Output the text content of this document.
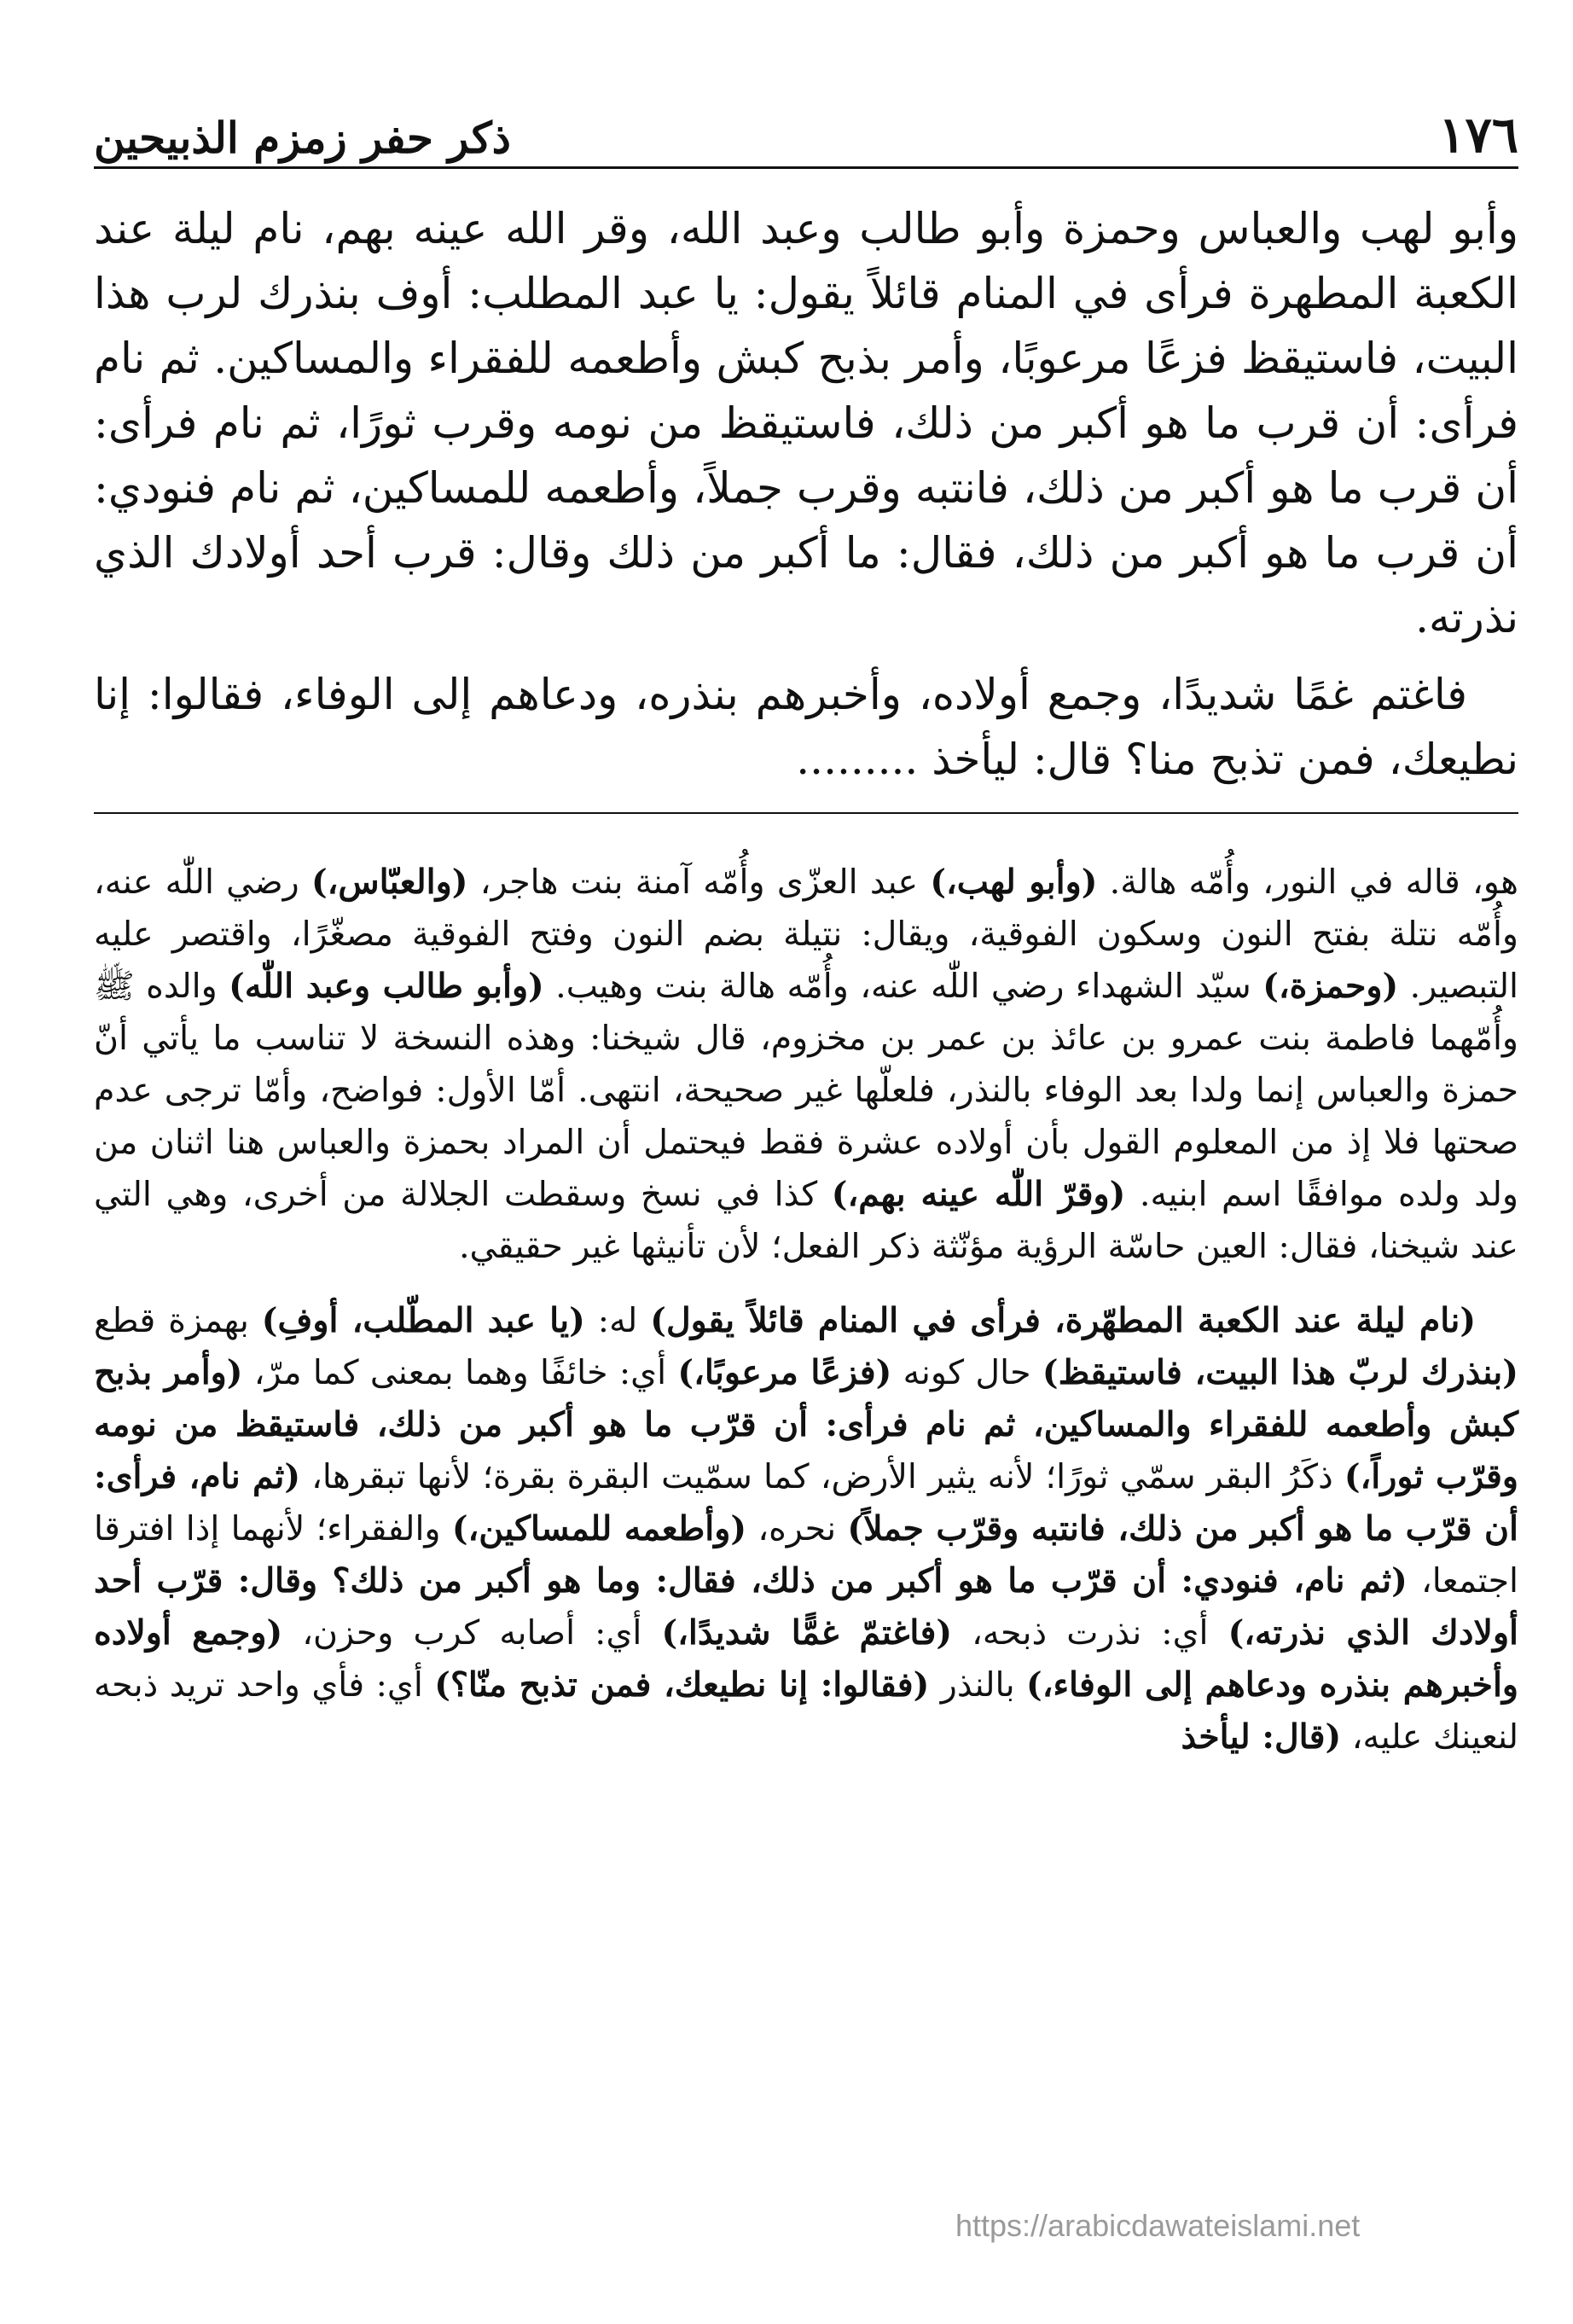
١٧٦
ذكر حفر زمزم الذبيحين

وأبو لهب والعباس وحمزة وأبو طالب وعبد الله، وقر الله عينه بهم، نام ليلة عند الكعبة المطهرة فرأى في المنام قائلاً يقول: يا عبد المطلب: أوف بنذرك لرب هذا البيت، فاستيقظ فزعًا مرعوبًا، وأمر بذبح كبش وأطعمه للفقراء والمساكين. ثم نام فرأى: أن قرب ما هو أكبر من ذلك، فاستيقظ من نومه وقرب ثورًا، ثم نام فرأى: أن قرب ما هو أكبر من ذلك، فانتبه وقرب جملاً، وأطعمه للمساكين، ثم نام فنودي: أن قرب ما هو أكبر من ذلك، فقال: ما أكبر من ذلك وقال: قرب أحد أولادك الذي نذرته.

فاغتم غمًا شديدًا، وجمع أولاده، وأخبرهم بنذره، ودعاهم إلى الوفاء، فقالوا: إنا نطيعك، فمن تذبح منا؟ قال: ليأخذ .........

هو، قاله في النور، وأُمّه هالة. (وأبو لهب،) عبد العزّى وأُمّه آمنة بنت هاجر، (والعبّاس،) رضي اللّٰه عنه، وأُمّه نتلة بفتح النون وسكون الفوقية، ويقال: نتيلة بضم النون وفتح الفوقية مصغّرًا، واقتصر عليه التبصير. (وحمزة،) سيّد الشهداء رضي اللّٰه عنه، وأُمّه هالة بنت وهيب. (وأبو طالب وعبد اللّٰه) والده ﷺ وأُمّهما فاطمة بنت عمرو بن عائذ بن عمر بن مخزوم، قال شيخنا: وهذه النسخة لا تناسب ما يأتي أنّ حمزة والعباس إنما ولدا بعد الوفاء بالنذر، فلعلّها غير صحيحة، انتهى. أمّا الأول: فواضح، وأمّا ترجى عدم صحتها فلا إذ من المعلوم القول بأن أولاده عشرة فقط فيحتمل أن المراد بحمزة والعباس هنا اثنان من ولد ولده موافقًا اسم ابنيه. (وقرّ اللّٰه عينه بهم،) كذا في نسخ وسقطت الجلالة من أخرى، وهي التي عند شيخنا، فقال: العين حاسّة الرؤية مؤنّثة ذكر الفعل؛ لأن تأنيثها غير حقيقي.

(نام ليلة عند الكعبة المطهّرة، فرأى في المنام قائلاً يقول) له: (يا عبد المطّلب، أوفِ) بهمزة قطع (بنذرك لربّ هذا البيت، فاستيقظ) حال كونه (فزعًا مرعوبًا،) أي: خائفًا وهما بمعنى كما مرّ، (وأمر بذبح كبش وأطعمه للفقراء والمساكين، ثم نام فرأى: أن قرّب ما هو أكبر من ذلك، فاستيقظ من نومه وقرّب ثوراً،) ذكَرُ البقر سمّي ثورًا؛ لأنه يثير الأرض، كما سمّيت البقرة بقرة؛ لأنها تبقرها، (ثم نام، فرأى: أن قرّب ما هو أكبر من ذلك، فانتبه وقرّب جملاً) نحره، (وأطعمه للمساكين،) والفقراء؛ لأنهما إذا افترقا اجتمعا، (ثم نام، فنودي: أن قرّب ما هو أكبر من ذلك، فقال: وما هو أكبر من ذلك؟ وقال: قرّب أحد أولادك الذي نذرته،) أي: نذرت ذبحه، (فاغتمّ غمًّا شديدًا،) أي: أصابه كرب وحزن، (وجمع أولاده وأخبرهم بنذره ودعاهم إلى الوفاء،) بالنذر (فقالوا: إنا نطيعك، فمن تذبح منّا؟) أي: فأي واحد تريد ذبحه لنعينك عليه، (قال: ليأخذ

https://arabicdawateislami.net
